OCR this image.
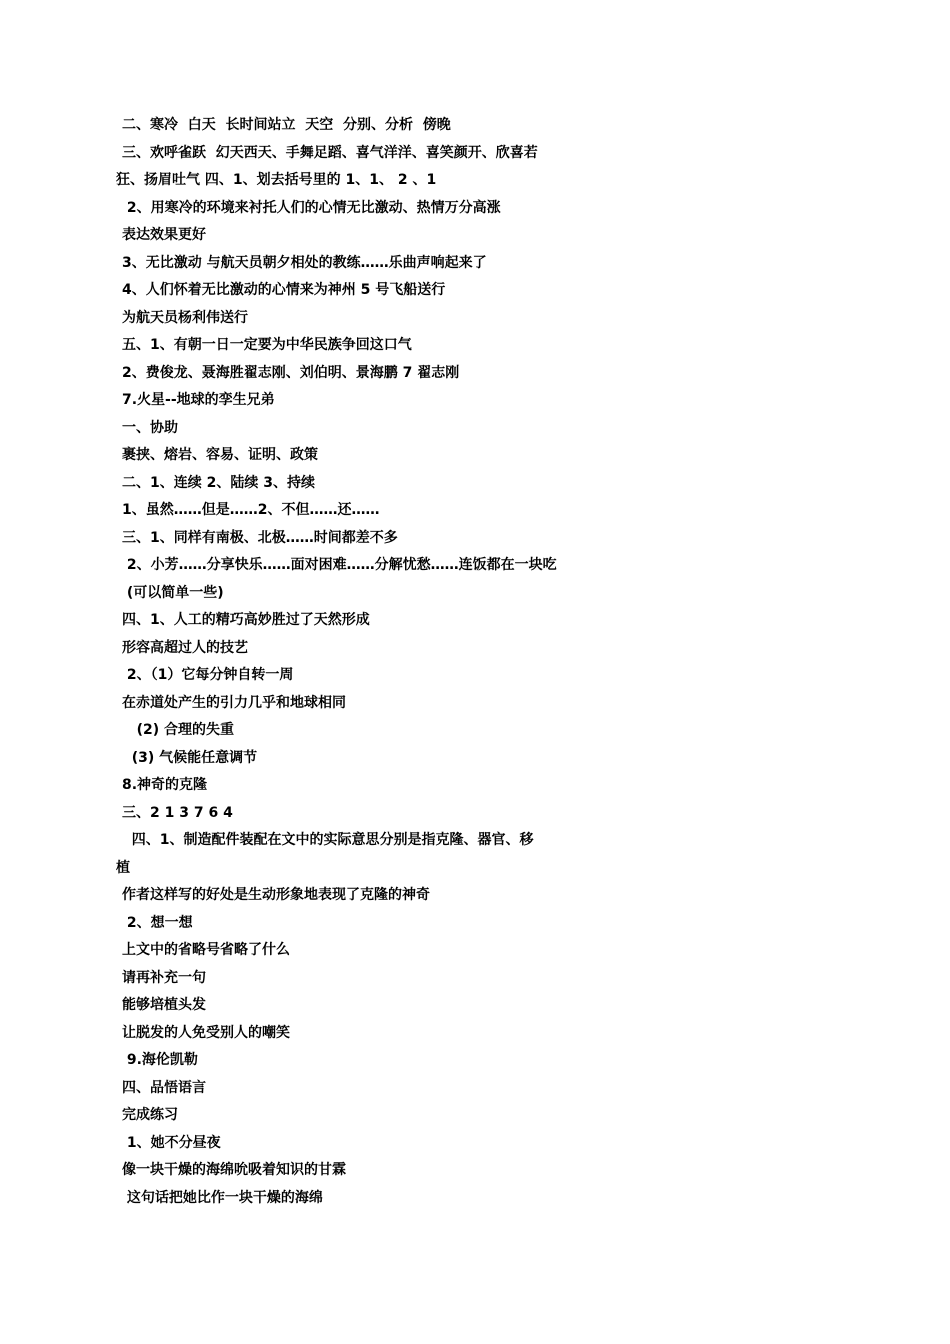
二、寒冷  白天  长时间站立  天空  分别、分析  傍晚
三、欢呼雀跃  幻天西天、手舞足蹈、喜气洋洋、喜笑颜开、欣喜若
狂、扬眉吐气 四、1、划去括号里的 1、1、 2 、1
2、用寒冷的环境来衬托人们的心情无比激动、热情万分高涨
表达效果更好
3、无比激动 与航天员朝夕相处的教练……乐曲声响起来了
4、人们怀着无比激动的心情来为神州 5 号飞船送行
为航天员杨利伟送行
五、1、有朝一日一定要为中华民族争回这口气
2、费俊龙、聂海胜翟志刚、刘伯明、景海鹏 7 翟志刚
7.火星--地球的孪生兄弟
一、协助
裹挟、熔岩、容易、证明、政策
二、1、连续 2、陆续 3、持续
1、虽然……但是……2、不但……还……
三、1、同样有南极、北极……时间都差不多
2、小芳……分享快乐……面对困难……分解忧愁……连饭都在一块吃
(可以简单一些)
四、1、人工的精巧高妙胜过了天然形成
形容高超过人的技艺
2、（1）它每分钟自转一周
在赤道处产生的引力几乎和地球相同
(2) 合理的失重
(3) 气候能任意调节
8.神奇的克隆
三、2 1 3 7 6 4
四、1、制造配件装配在文中的实际意思分别是指克隆、器官、移
植
作者这样写的好处是生动形象地表现了克隆的神奇
2、想一想
上文中的省略号省略了什么
请再补充一句
能够培植头发
让脱发的人免受别人的嘲笑
9.海伦凯勒
四、品悟语言
完成练习
1、她不分昼夜
像一块干燥的海绵吮吸着知识的甘霖
这句话把她比作一块干燥的海绵
